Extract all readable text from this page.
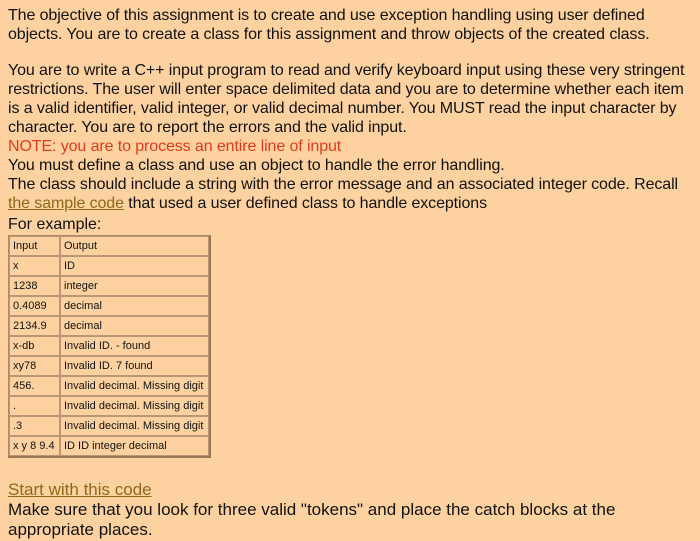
The objective of this assignment is to create and use exception handling using user defined

objects. You are to create a class for this assignment and throw objects of the created class.

You are to write a C++ input program to read and verify keyboard input using these very stringent

restrictions. The user will enter space delimited data and you are to determine whether each item

is a valid identifier, valid integer, or valid decimal number. You MUST read the input character by

character. You are to report the errors and the valid input.

NOTE: you are to process an entire line of input

You must define a class and use an object to handle the error handling.

The class should include a string with the error message and an associated integer code. Recall

the sample code that used a user defined class to handle exceptions

For example:
Input	Output
x	ID
1238	integer
0.4089	decimal
2134.9	decimal
x-db	Invalid ID. - found
xy78	Invalid ID. 7 found
456.	Invalid decimal. Missing digit
.	Invalid decimal. Missing digit
.3	Invalid decimal. Missing digit
x y 8 9.4	ID ID integer decimal

Start with this code

Make sure that you look for three valid "tokens" and place the catch blocks at the

appropriate places.
